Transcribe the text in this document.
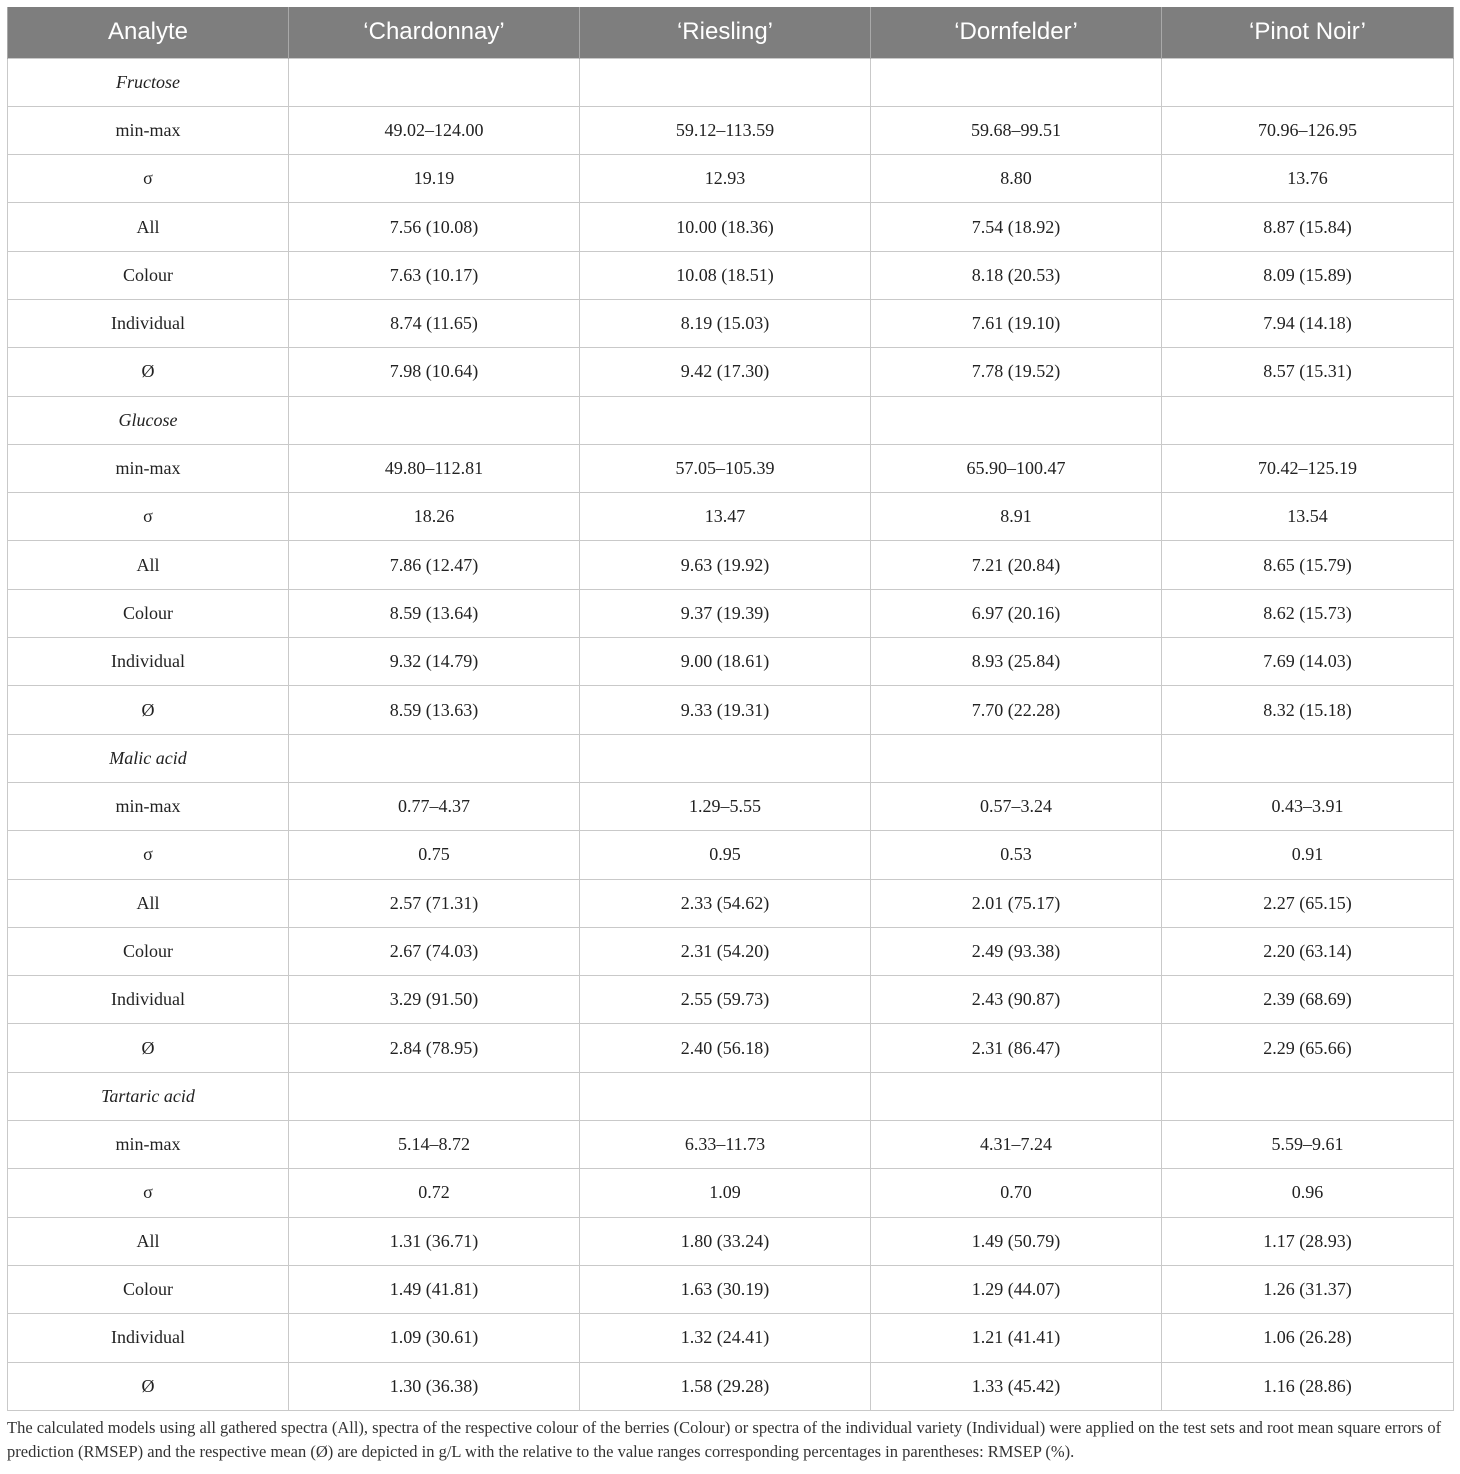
Analyte	‘Chardonnay’	‘Riesling’	‘Dornfelder’	‘Pinot Noir’
Fructose				
min-max	49.02–124.00	59.12–113.59	59.68–99.51	70.96–126.95
σ	19.19	12.93	8.80	13.76
All	7.56 (10.08)	10.00 (18.36)	7.54 (18.92)	8.87 (15.84)
Colour	7.63 (10.17)	10.08 (18.51)	8.18 (20.53)	8.09 (15.89)
Individual	8.74 (11.65)	8.19 (15.03)	7.61 (19.10)	7.94 (14.18)
Ø	7.98 (10.64)	9.42 (17.30)	7.78 (19.52)	8.57 (15.31)
Glucose				
min-max	49.80–112.81	57.05–105.39	65.90–100.47	70.42–125.19
σ	18.26	13.47	8.91	13.54
All	7.86 (12.47)	9.63 (19.92)	7.21 (20.84)	8.65 (15.79)
Colour	8.59 (13.64)	9.37 (19.39)	6.97 (20.16)	8.62 (15.73)
Individual	9.32 (14.79)	9.00 (18.61)	8.93 (25.84)	7.69 (14.03)
Ø	8.59 (13.63)	9.33 (19.31)	7.70 (22.28)	8.32 (15.18)
Malic acid				
min-max	0.77–4.37	1.29–5.55	0.57–3.24	0.43–3.91
σ	0.75	0.95	0.53	0.91
All	2.57 (71.31)	2.33 (54.62)	2.01 (75.17)	2.27 (65.15)
Colour	2.67 (74.03)	2.31 (54.20)	2.49 (93.38)	2.20 (63.14)
Individual	3.29 (91.50)	2.55 (59.73)	2.43 (90.87)	2.39 (68.69)
Ø	2.84 (78.95)	2.40 (56.18)	2.31 (86.47)	2.29 (65.66)
Tartaric acid				
min-max	5.14–8.72	6.33–11.73	4.31–7.24	5.59–9.61
σ	0.72	1.09	0.70	0.96
All	1.31 (36.71)	1.80 (33.24)	1.49 (50.79)	1.17 (28.93)
Colour	1.49 (41.81)	1.63 (30.19)	1.29 (44.07)	1.26 (31.37)
Individual	1.09 (30.61)	1.32 (24.41)	1.21 (41.41)	1.06 (26.28)
Ø	1.30 (36.38)	1.58 (29.28)	1.33 (45.42)	1.16 (28.86)
The calculated models using all gathered spectra (All), spectra of the respective colour of the berries (Colour) or spectra of the individual variety (Individual) were applied on the test sets and root mean square errors of prediction (RMSEP) and the respective mean (Ø) are depicted in g/L with the relative to the value ranges corresponding percentages in parentheses: RMSEP (%).
